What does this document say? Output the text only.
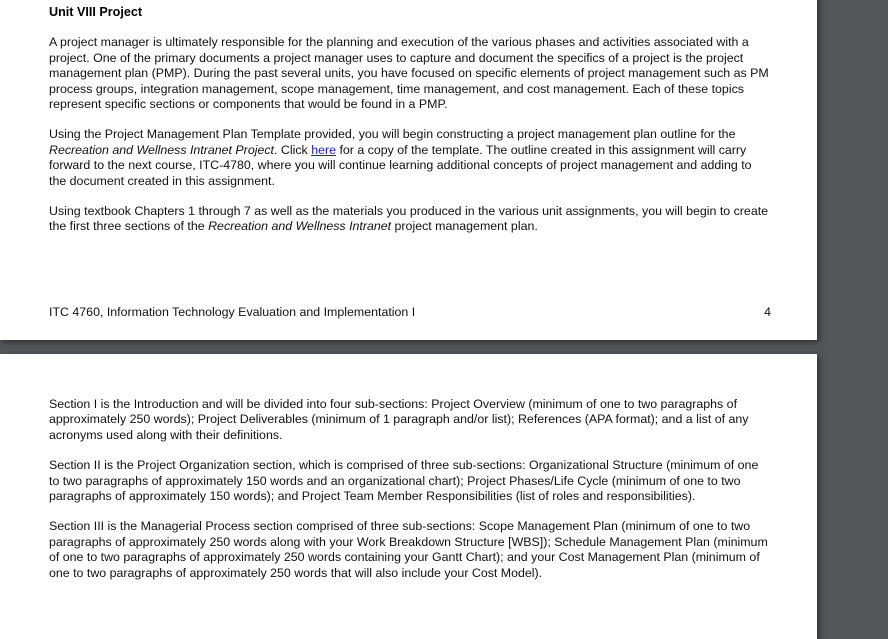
Unit VIII Project

A project manager is ultimately responsible for the planning and execution of the various phases and activities associated with a project. One of the primary documents a project manager uses to capture and document the specifics of a project is the project management plan (PMP). During the past several units, you have focused on specific elements of project management such as PM process groups, integration management, scope management, time management, and cost management. Each of these topics represent specific sections or components that would be found in a PMP.

Using the Project Management Plan Template provided, you will begin constructing a project management plan outline for the Recreation and Wellness Intranet Project. Click here for a copy of the template. The outline created in this assignment will carry forward to the next course, ITC-4780, where you will continue learning additional concepts of project management and adding to the document created in this assignment.

Using textbook Chapters 1 through 7 as well as the materials you produced in the various unit assignments, you will begin to create the first three sections of the Recreation and Wellness Intranet project management plan.

ITC 4760, Information Technology Evaluation and Implementation I	4

Section I is the Introduction and will be divided into four sub-sections: Project Overview (minimum of one to two paragraphs of approximately 250 words); Project Deliverables (minimum of 1 paragraph and/or list); References (APA format); and a list of any acronyms used along with their definitions.

Section II is the Project Organization section, which is comprised of three sub-sections: Organizational Structure (minimum of one to two paragraphs of approximately 150 words and an organizational chart); Project Phases/Life Cycle (minimum of one to two paragraphs of approximately 150 words); and Project Team Member Responsibilities (list of roles and responsibilities).

Section III is the Managerial Process section comprised of three sub-sections: Scope Management Plan (minimum of one to two paragraphs of approximately 250 words along with your Work Breakdown Structure [WBS]); Schedule Management Plan (minimum of one to two paragraphs of approximately 250 words containing your Gantt Chart); and your Cost Management Plan (minimum of one to two paragraphs of approximately 250 words that will also include your Cost Model).
